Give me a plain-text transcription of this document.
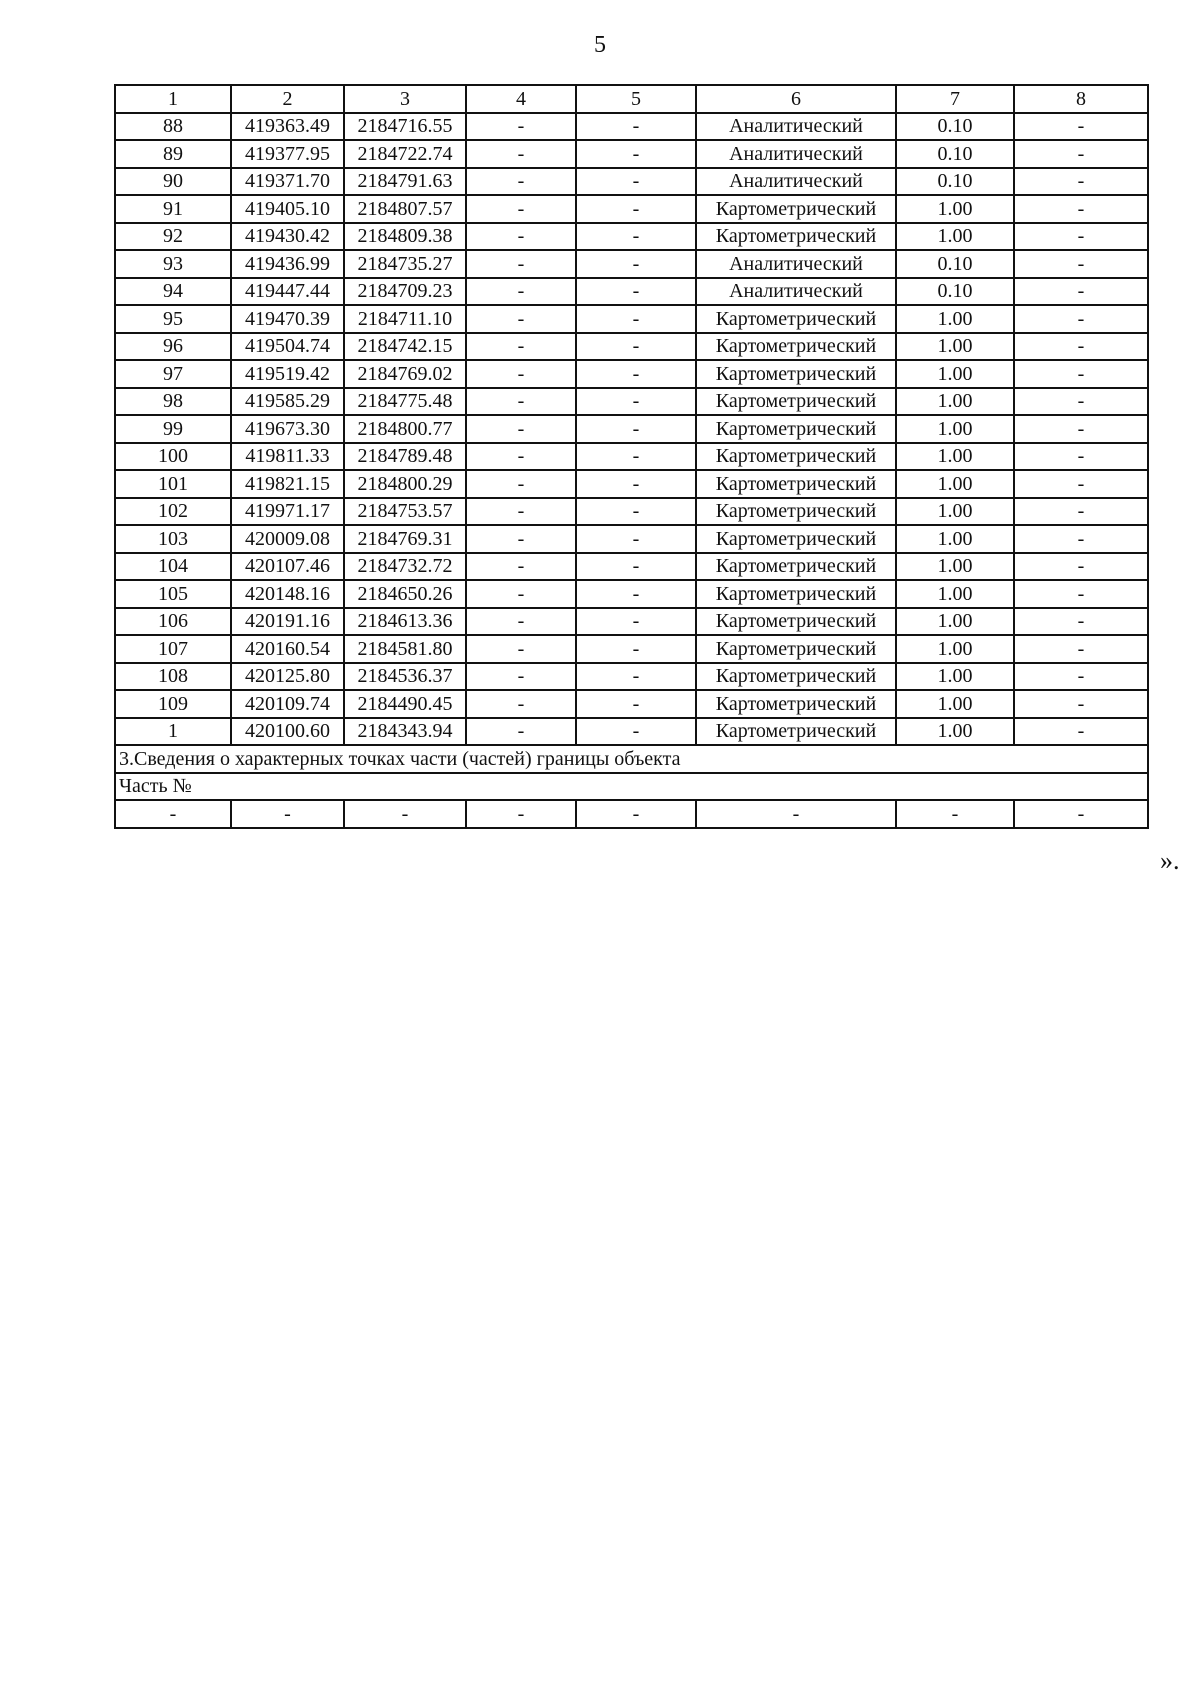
5
1	2	3	4	5	6	7	8
88	419363.49	2184716.55	-	-	Аналитический	0.10	-
89	419377.95	2184722.74	-	-	Аналитический	0.10	-
90	419371.70	2184791.63	-	-	Аналитический	0.10	-
91	419405.10	2184807.57	-	-	Картометрический	1.00	-
92	419430.42	2184809.38	-	-	Картометрический	1.00	-
93	419436.99	2184735.27	-	-	Аналитический	0.10	-
94	419447.44	2184709.23	-	-	Аналитический	0.10	-
95	419470.39	2184711.10	-	-	Картометрический	1.00	-
96	419504.74	2184742.15	-	-	Картометрический	1.00	-
97	419519.42	2184769.02	-	-	Картометрический	1.00	-
98	419585.29	2184775.48	-	-	Картометрический	1.00	-
99	419673.30	2184800.77	-	-	Картометрический	1.00	-
100	419811.33	2184789.48	-	-	Картометрический	1.00	-
101	419821.15	2184800.29	-	-	Картометрический	1.00	-
102	419971.17	2184753.57	-	-	Картометрический	1.00	-
103	420009.08	2184769.31	-	-	Картометрический	1.00	-
104	420107.46	2184732.72	-	-	Картометрический	1.00	-
105	420148.16	2184650.26	-	-	Картометрический	1.00	-
106	420191.16	2184613.36	-	-	Картометрический	1.00	-
107	420160.54	2184581.80	-	-	Картометрический	1.00	-
108	420125.80	2184536.37	-	-	Картометрический	1.00	-
109	420109.74	2184490.45	-	-	Картометрический	1.00	-
1	420100.60	2184343.94	-	-	Картометрический	1.00	-
3.Сведения о характерных точках части (частей) границы объекта							
Часть №							
-	-	-	-	-	-	-	-
».
